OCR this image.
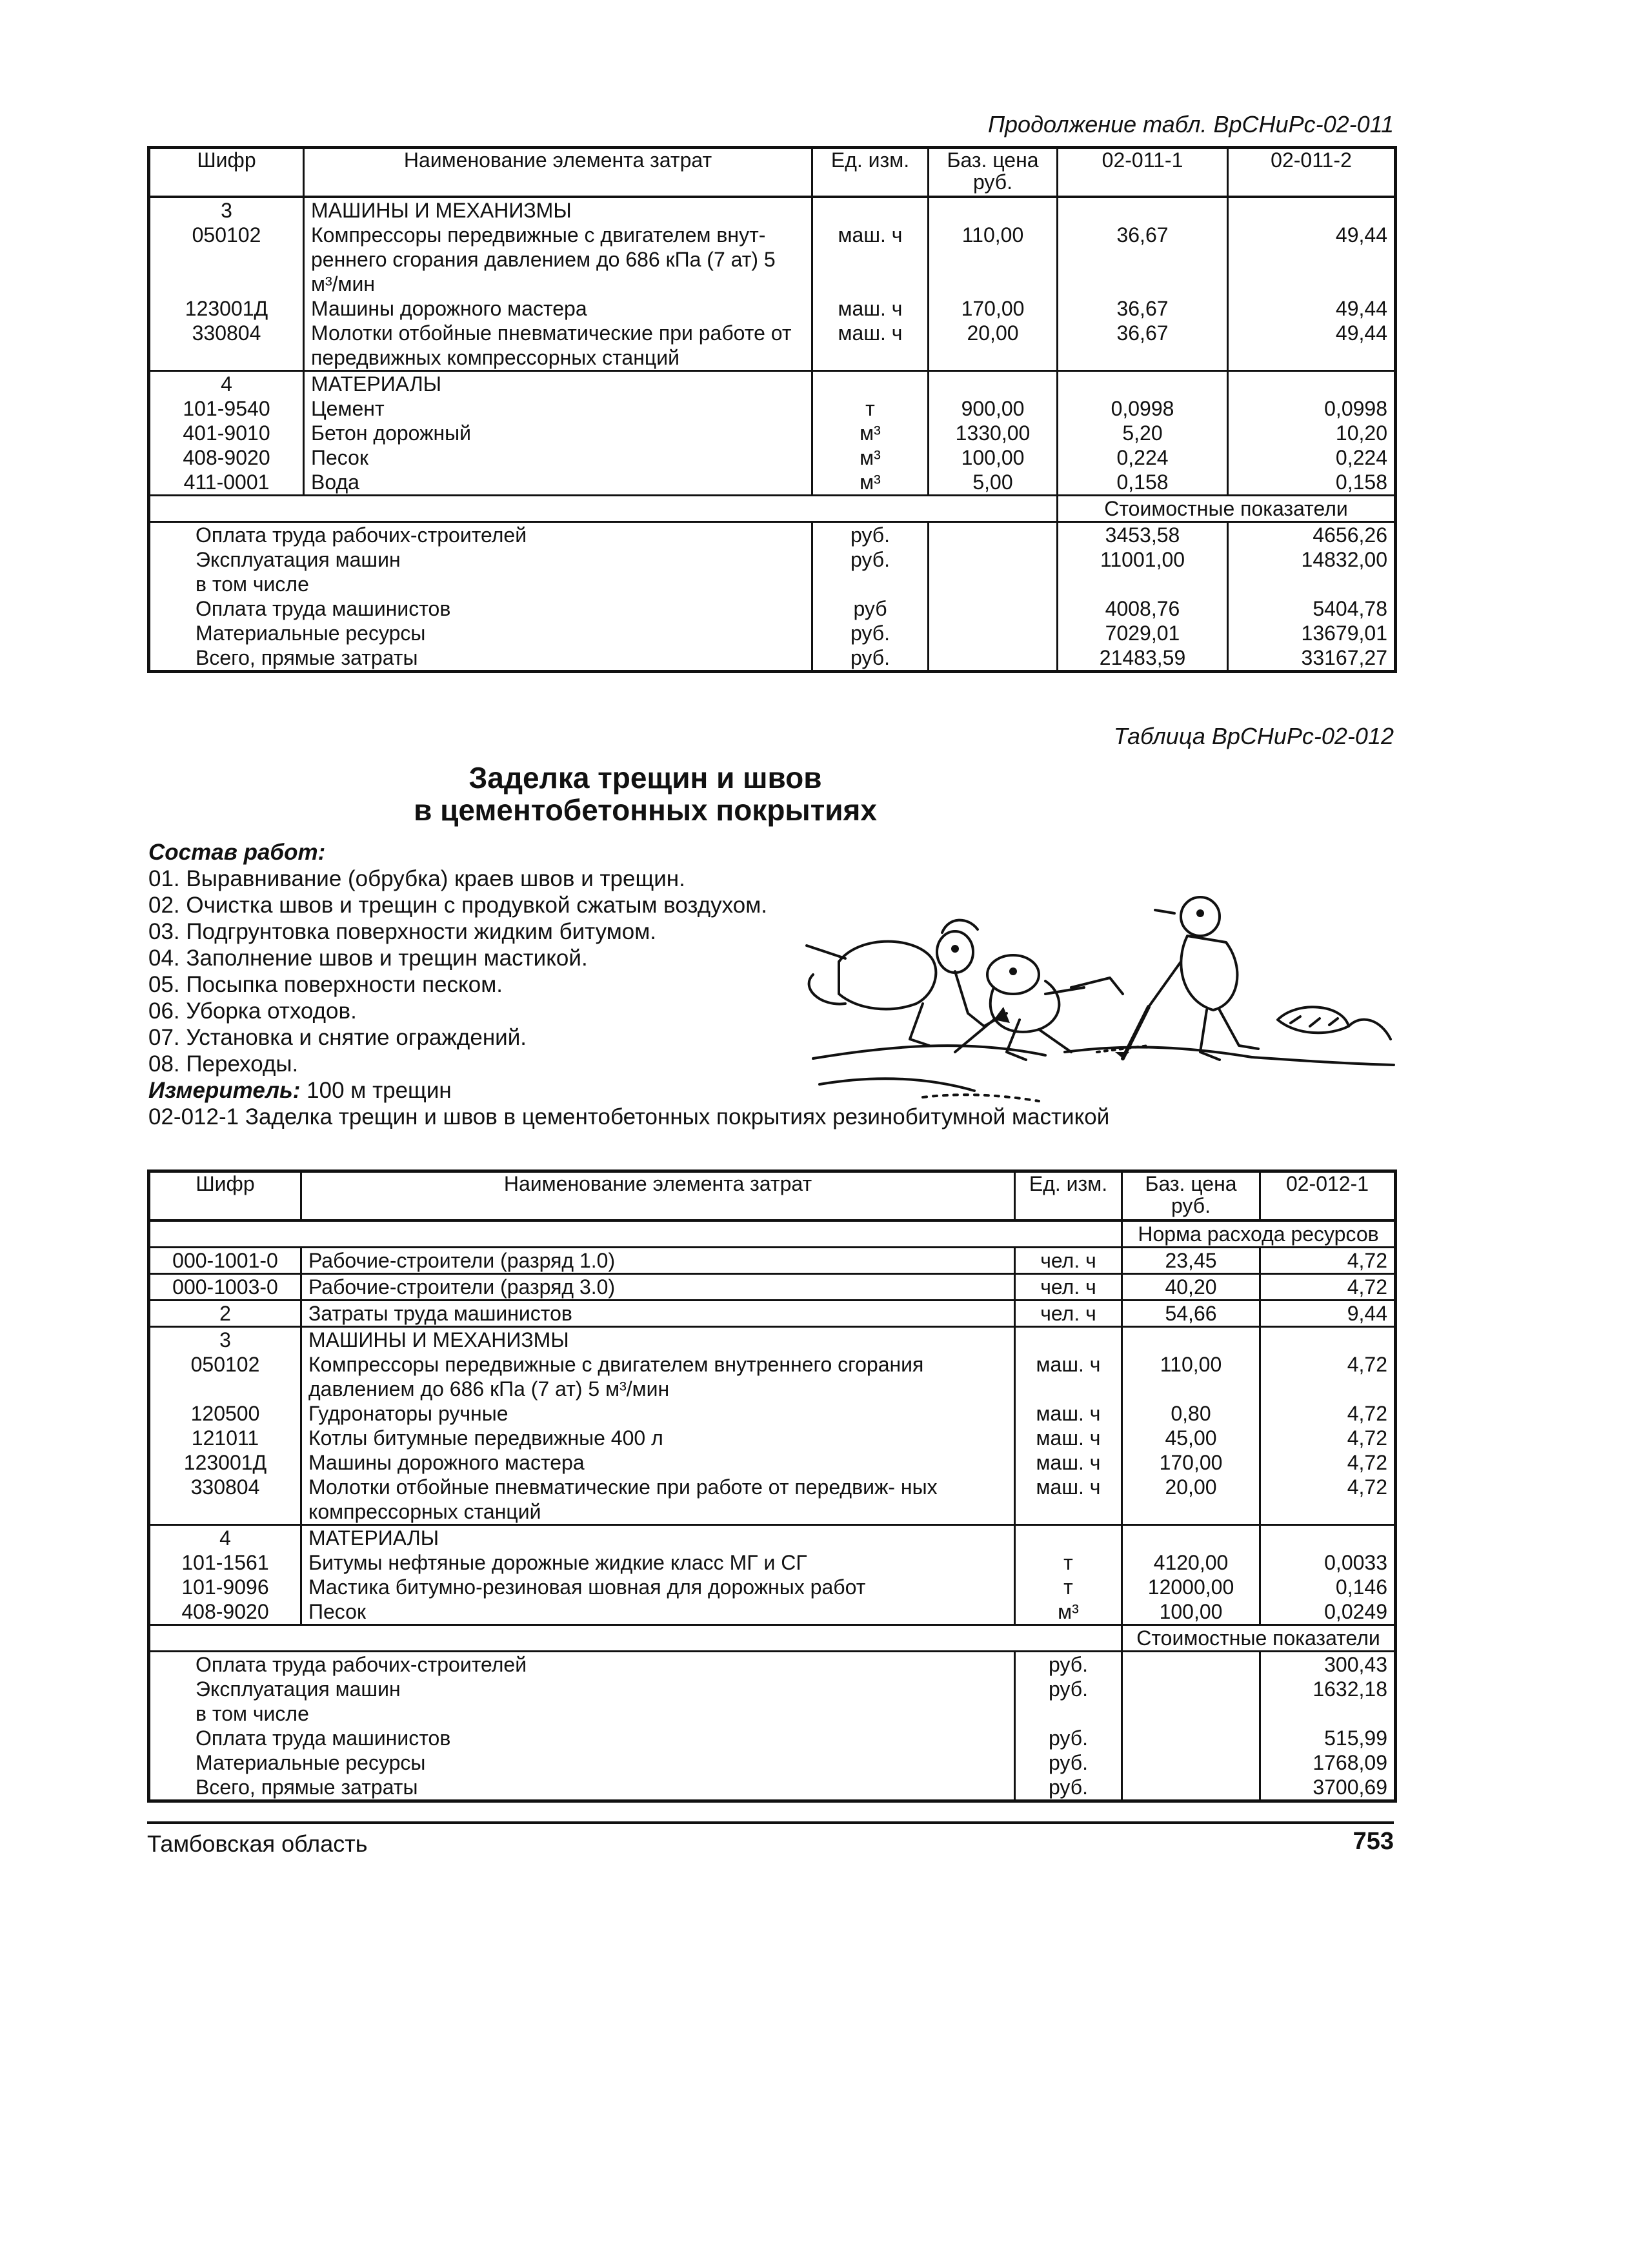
Продолжение табл. ВрСНиРс-02-011
Шифр	Наименование элемента затрат	Ед. изм.	Баз. цена руб.	02-011-1	02-011-2
3	МАШИНЫ И МЕХАНИЗМЫ				
050102	Компрессоры передвижные с двигателем внут- реннего сгорания давлением до 686 кПа (7 ат) 5 м³/мин	маш. ч	110,00	36,67	49,44
123001Д	Машины дорожного мастера	маш. ч	170,00	36,67	49,44
330804	Молотки отбойные пневматические при работе от передвижных компрессорных станций	маш. ч	20,00	36,67	49,44
4	МАТЕРИАЛЫ				
101-9540	Цемент	т	900,00	0,0998	0,0998
401-9010	Бетон дорожный	м³	1330,00	5,20	10,20
408-9020	Песок	м³	100,00	0,224	0,224
411-0001	Вода	м³	5,00	0,158	0,158
				Стоимостные показатели	
Оплата труда рабочих-строителей		руб.		3453,58	4656,26
Эксплуатация машин		руб.		11001,00	14832,00
в том числе					
Оплата труда машинистов		руб		4008,76	5404,78
Материальные ресурсы		руб.		7029,01	13679,01
Всего, прямые затраты		руб.		21483,59	33167,27
Таблица ВрСНиРс-02-012
Заделка трещин и швов
в цементобетонных покрытиях
Состав работ:
01. Выравнивание (обрубка) краев швов и трещин.
02. Очистка швов и трещин с продувкой сжатым воздухом.
03. Подгрунтовка поверхности жидким битумом.
04. Заполнение швов и трещин мастикой.
05. Посыпка поверхности песком.
06. Уборка отходов.
07. Установка и снятие ограждений.
08. Переходы.
Измеритель: 100 м трещин
02-012-1 Заделка трещин и швов в цементобетонных покрытиях резинобитумной мастикой
Шифр	Наименование элемента затрат	Ед. изм.	Баз. цена руб.	02-012-1
			Норма расхода ресурсов	
000-1001-0	Рабочие-строители (разряд 1.0)	чел. ч	23,45	4,72
000-1003-0	Рабочие-строители (разряд 3.0)	чел. ч	40,20	4,72
2	Затраты труда машинистов	чел. ч	54,66	9,44
3	МАШИНЫ И МЕХАНИЗМЫ			
050102	Компрессоры передвижные с двигателем внутреннего сгорания давлением до 686 кПа (7 ат) 5 м³/мин	маш. ч	110,00	4,72
120500	Гудронаторы ручные	маш. ч	0,80	4,72
121011	Котлы битумные передвижные 400 л	маш. ч	45,00	4,72
123001Д	Машины дорожного мастера	маш. ч	170,00	4,72
330804	Молотки отбойные пневматические при работе от передвиж- ных компрессорных станций	маш. ч	20,00	4,72
4	МАТЕРИАЛЫ			
101-1561	Битумы нефтяные дорожные жидкие класс МГ и СГ	т	4120,00	0,0033
101-9096	Мастика битумно-резиновая шовная для дорожных работ	т	12000,00	0,146
408-9020	Песок	м³	100,00	0,0249
			Стоимостные показатели	
Оплата труда рабочих-строителей		руб.		300,43
Эксплуатация машин		руб.		1632,18
в том числе				
Оплата труда машинистов		руб.		515,99
Материальные ресурсы		руб.		1768,09
Всего, прямые затраты		руб.		3700,69
Тамбовская область	753
